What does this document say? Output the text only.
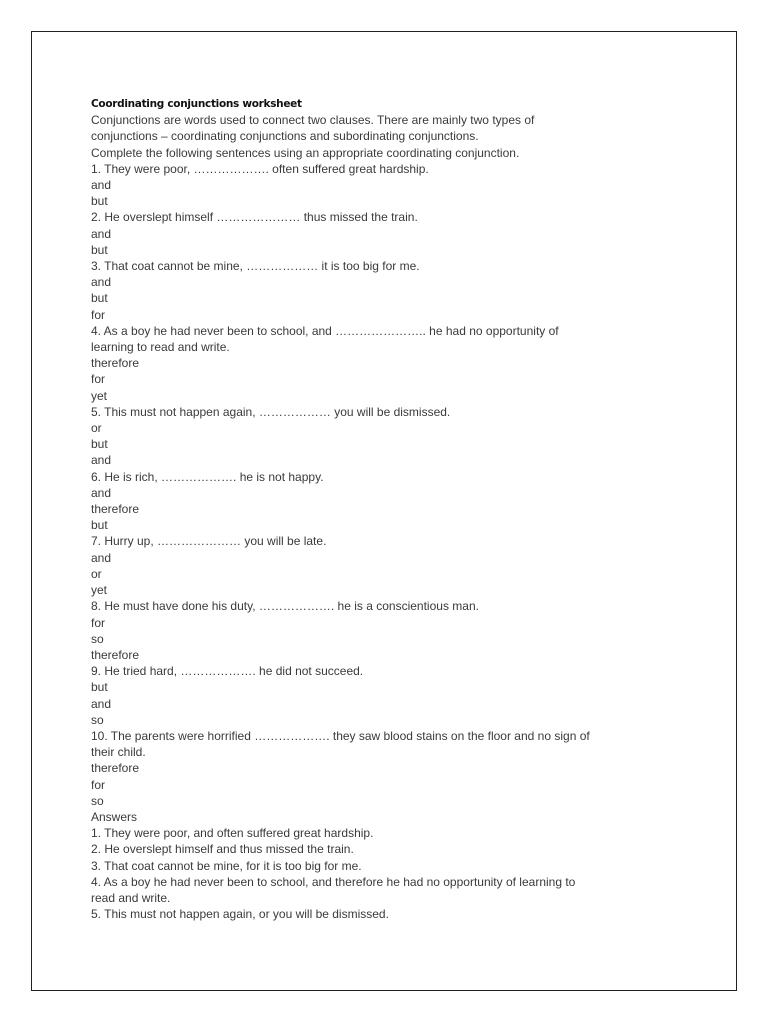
Coordinating conjunctions worksheet
Conjunctions are words used to connect two clauses. There are mainly two types of
conjunctions – coordinating conjunctions and subordinating conjunctions.
Complete the following sentences using an appropriate coordinating conjunction.
1. They were poor, ………………. often suffered great hardship.
and
but
2. He overslept himself ………………… thus missed the train.
and
but
3. That coat cannot be mine, ……………… it is too big for me.
and
but
for
4. As a boy he had never been to school, and ………………….. he had no opportunity of
learning to read and write.
therefore
for
yet
5. This must not happen again, ……………… you will be dismissed.
or
but
and
6. He is rich, ………………. he is not happy.
and
therefore
but
7. Hurry up, ………………… you will be late.
and
or
yet
8. He must have done his duty, ………………. he is a conscientious man.
for
so
therefore
9. He tried hard, ………………. he did not succeed.
but
and
so
10. The parents were horrified ………………. they saw blood stains on the floor and no sign of
their child.
therefore
for
so
Answers
1. They were poor, and often suffered great hardship.
2. He overslept himself and thus missed the train.
3. That coat cannot be mine, for it is too big for me.
4. As a boy he had never been to school, and therefore he had no opportunity of learning to
read and write.
5. This must not happen again, or you will be dismissed.
